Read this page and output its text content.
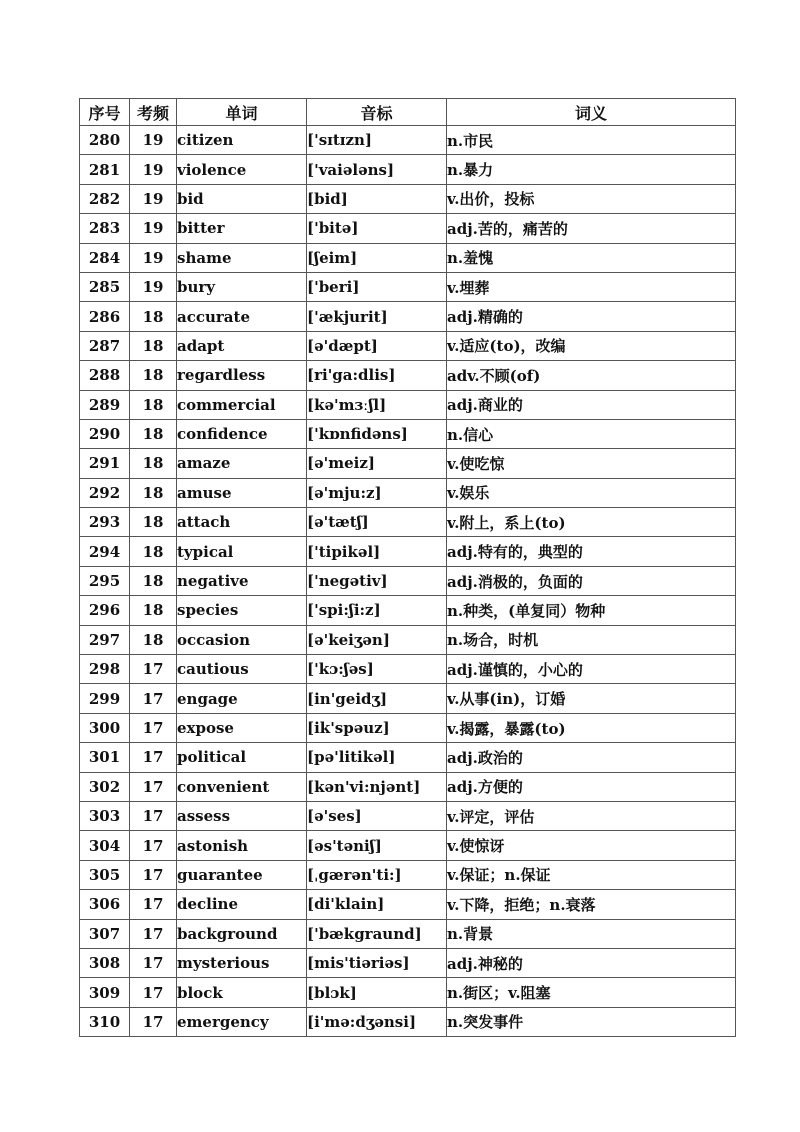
序号	考频	单词	音标	词义
280	19	citizen	['sɪtɪzn]	n.市民
281	19	violence	['vaiələns]	n.暴力
282	19	bid	[bid]	v.出价，投标
283	19	bitter	['bitə]	adj.苦的，痛苦的
284	19	shame	[ʃeim]	n.羞愧
285	19	bury	['beri]	v.埋葬
286	18	accurate	['ækjurit]	adj.精确的
287	18	adapt	[ə'dæpt]	v.适应(to)，改编
288	18	regardless	[ri'ga:dlis]	adv.不顾(of)
289	18	commercial	[kə'mɜːʃl]	adj.商业的
290	18	confidence	['kɒnfidəns]	n.信心
291	18	amaze	[ə'meiz]	v.使吃惊
292	18	amuse	[ə'mju:z]	v.娱乐
293	18	attach	[ə'tætʃ]	v.附上，系上(to)
294	18	typical	['tipikəl]	adj.特有的，典型的
295	18	negative	['negətiv]	adj.消极的，负面的
296	18	species	['spi:ʃi:z]	n.种类，(单复同）物种
297	18	occasion	[ə'keiʒən]	n.场合，时机
298	17	cautious	['kɔ:ʃəs]	adj.谨慎的，小心的
299	17	engage	[in'geidʒ]	v.从事(in)，订婚
300	17	expose	[ik'spəuz]	v.揭露，暴露(to)
301	17	political	[pə'litikəl]	adj.政治的
302	17	convenient	[kən'vi:njənt]	adj.方便的
303	17	assess	[ə'ses]	v.评定，评估
304	17	astonish	[əs'təniʃ]	v.使惊讶
305	17	guarantee	[ˌgærən'ti:]	v.保证；n.保证
306	17	decline	[di'klain]	v.下降，拒绝；n.衰落
307	17	background	['bækgraund]	n.背景
308	17	mysterious	[mis'tiəriəs]	adj.神秘的
309	17	block	[blɔk]	n.街区；v.阻塞
310	17	emergency	[i'mə:dʒənsi]	n.突发事件
